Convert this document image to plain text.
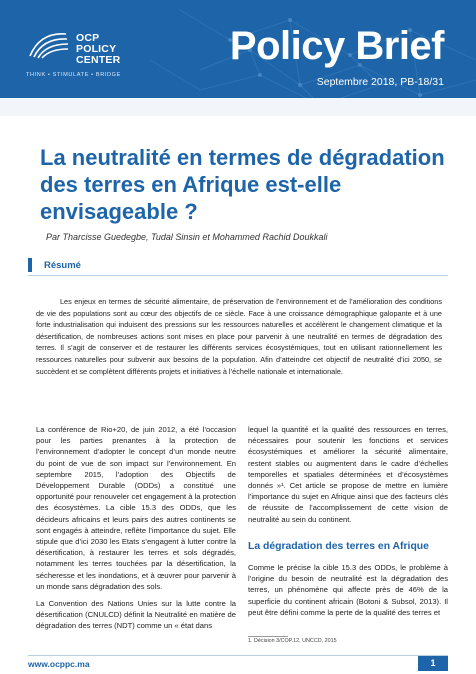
OCP
POLICY
CENTER
THINK • STIMULATE • BRIDGE
Policy Brief
Septembre 2018, PB-18/31
La neutralité en termes de dégradation des terres en Afrique est-elle envisageable ?
Par Tharcisse Guedegbe, Tudal Sinsin et Mohammed Rachid Doukkali
Résumé
Les enjeux en termes de sécurité alimentaire, de préservation de l’environnement et de l’amélioration des conditions de vie des populations sont au cœur des objectifs de ce siècle. Face à une croissance démographique galopante et à une forte industrialisation qui induisent des pressions sur les ressources naturelles et accélèrent le changement climatique et la désertification, de nombreuses actions sont mises en place pour parvenir à une neutralité en termes de dégradation des terres. Il s’agit de conserver et de restaurer les différents services écosystémiques, tout en utilisant rationnellement les ressources naturelles pour subvenir aux besoins de la population. Afin d’atteindre cet objectif de neutralité d’ici 2050, se succèdent et se complètent différents projets et initiatives à l’échelle nationale et internationale.

La conférence de Rio+20, de juin 2012, a été l’occasion pour les parties prenantes à la protection de l’environnement d’adopter le concept d’un monde neutre du point de vue de son impact sur l’environnement. En septembre 2015, l’adoption des Objectifs de Développement Durable (ODDs) a constitué une opportunité pour renouveler cet engagement à la protection des écosystèmes. La cible 15.3 des ODDs, que les décideurs africains et leurs pairs des autres continents se sont engagés à atteindre, reflète l’importance du sujet. Elle stipule que d’ici 2030 les Etats s’engagent à lutter contre la désertification, à restaurer les terres et sols dégradés, notamment les terres touchées par la désertification, la sécheresse et les inondations, et à œuvrer pour parvenir à un monde sans dégradation des sols.

La Convention des Nations Unies sur la lutte contre la désertification (CNULCD) définit la Neutralité en matière de dégradation des terres (NDT) comme un « état dans

lequel la quantité et la qualité des ressources en terres, nécessaires pour soutenir les fonctions et services écosystémiques et améliorer la sécurité alimentaire, restent stables ou augmentent dans le cadre d’échelles temporelles et spatiales déterminées et d’écosystèmes donnés »¹. Cet article se propose de mettre en lumière l’importance du sujet en Afrique ainsi que des facteurs clés de réussite de l’accomplissement de cette vision de neutralité au sein du continent.

La dégradation des terres en Afrique

Comme le précise la cible 15.3 des ODDs, le problème à l’origine du besoin de neutralité est la dégradation des terres, un phénomène qui affecte près de 46% de la superficie du continent africain (Botoni & Subsol, 2013). Il peut être défini comme la perte de la qualité des terres et

1. Décision 3/COP.12, UNCCD, 2015
www.ocppc.ma	1
